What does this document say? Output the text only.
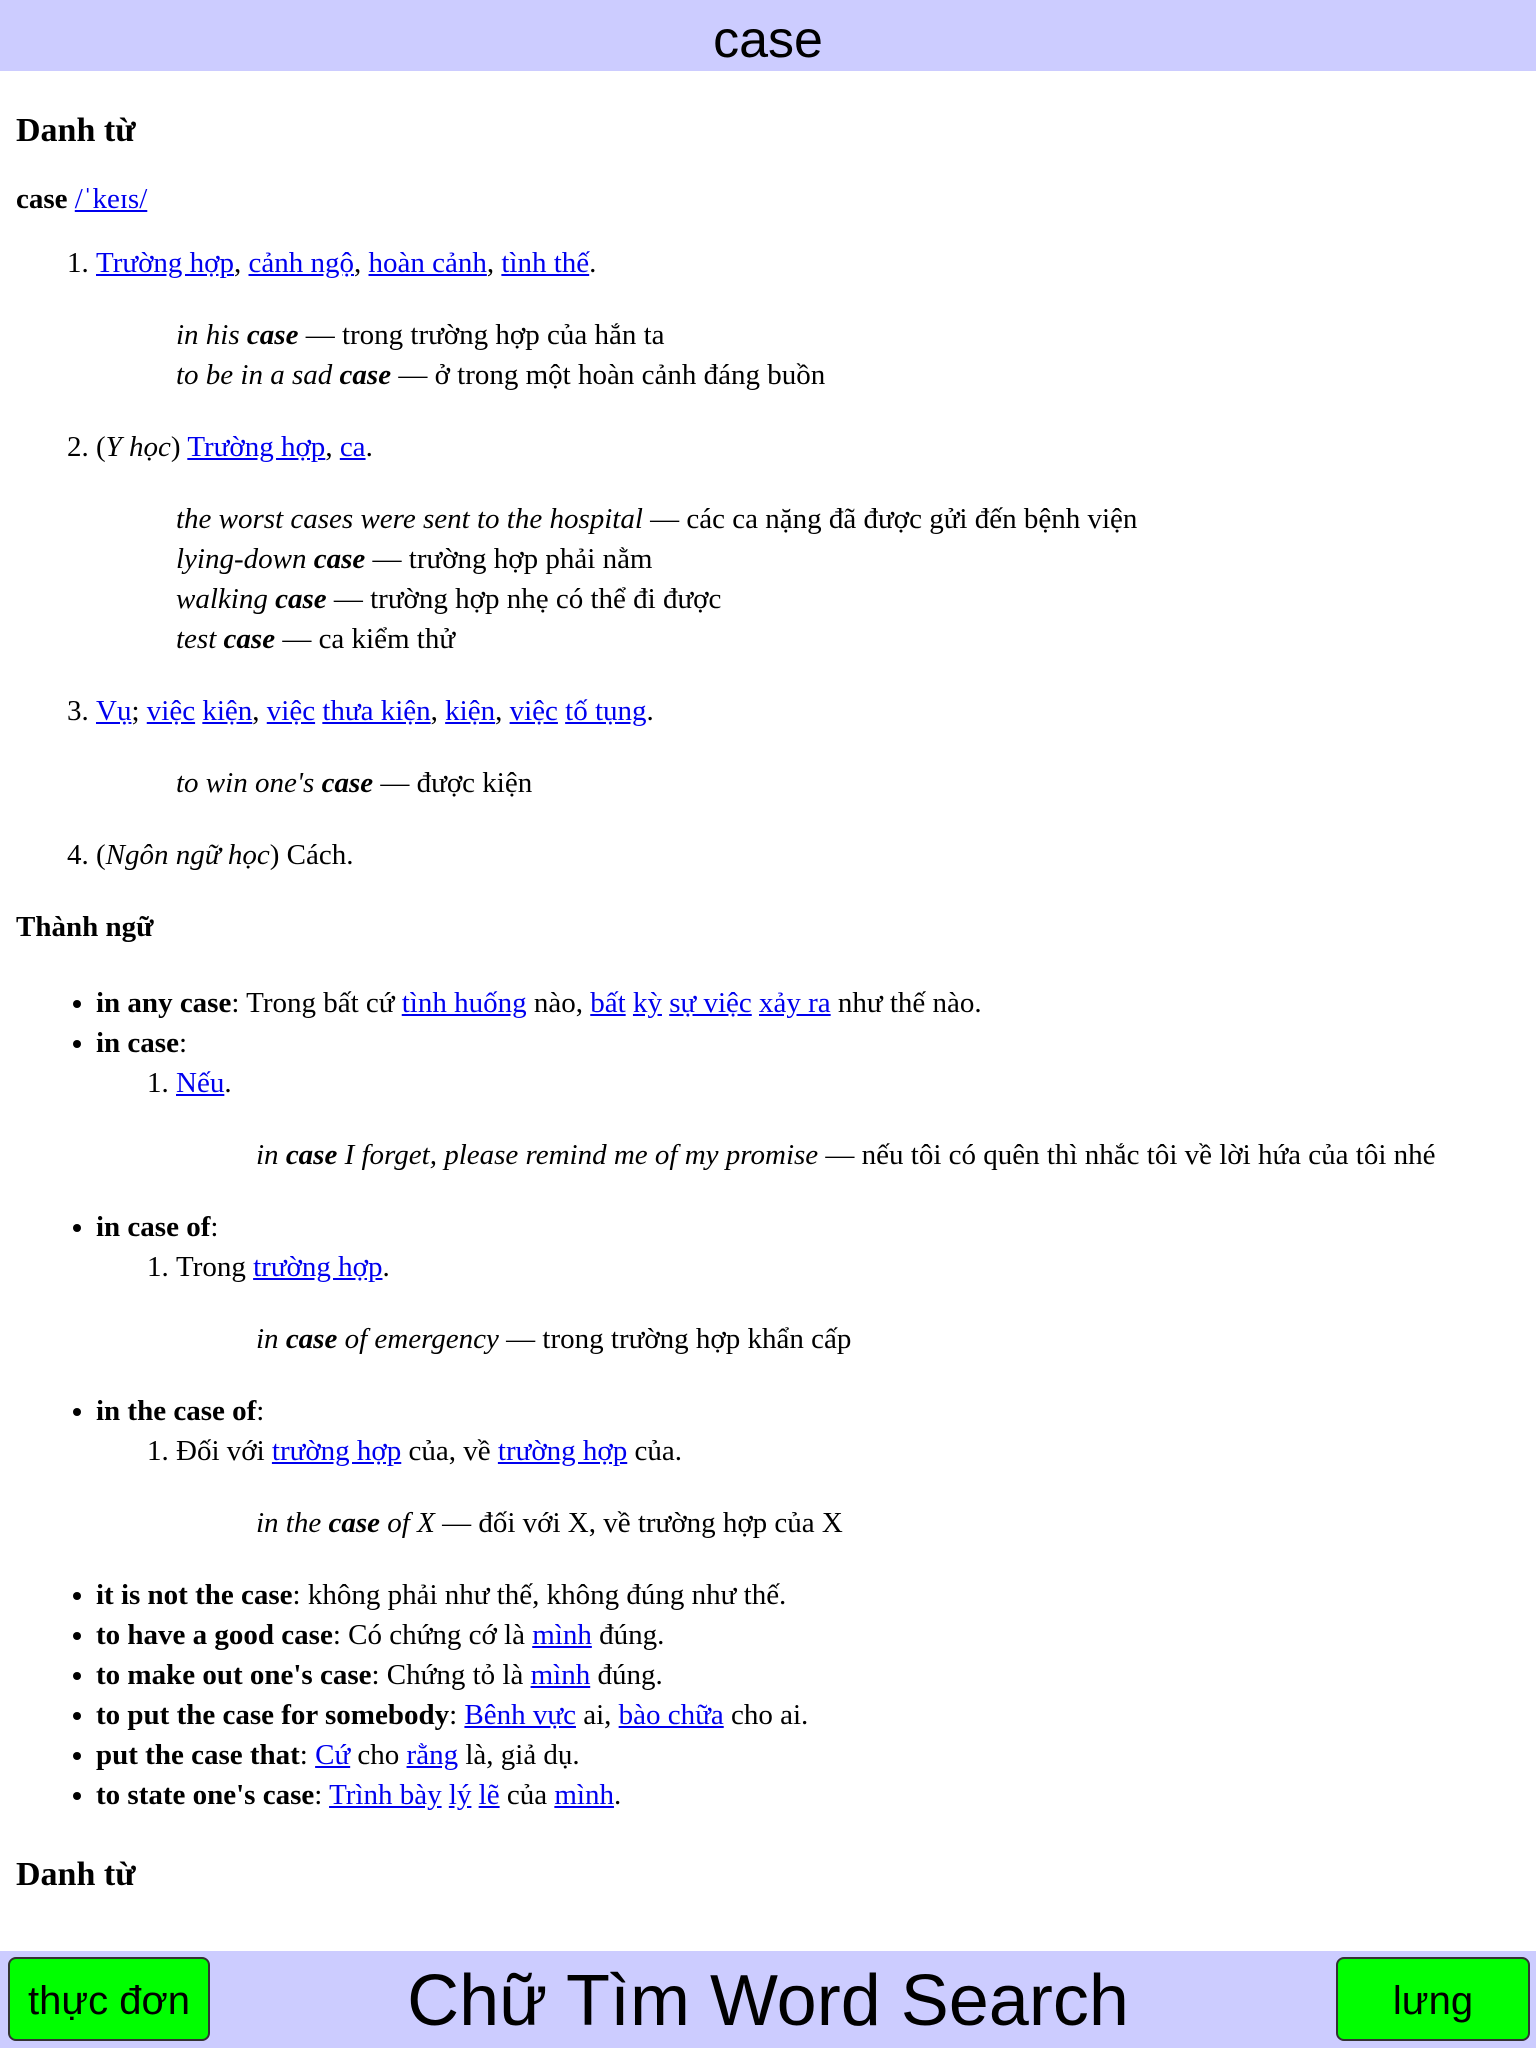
case
Danh từ
case /ˈkeɪs/
1. Trường hợp, cảnh ngộ, hoàn cảnh, tình thế.
in his case — trong trường hợp của hắn ta
to be in a sad case — ở trong một hoàn cảnh đáng buồn
2. (Y học) Trường hợp, ca.
the worst cases were sent to the hospital — các ca nặng đã được gửi đến bệnh viện
lying-down case — trường hợp phải nằm
walking case — trường hợp nhẹ có thể đi được
test case — ca kiểm thử
3. Vụ; việc kiện, việc thưa kiện, kiện, việc tố tụng.
to win one's case — được kiện
4. (Ngôn ngữ học) Cách.
Thành ngữ
• in any case: Trong bất cứ tình huống nào, bất kỳ sự việc xảy ra như thế nào.
• in case:
1. Nếu.
in case I forget, please remind me of my promise — nếu tôi có quên thì nhắc tôi về lời hứa của tôi nhé
• in case of:
1. Trong trường hợp.
in case of emergency — trong trường hợp khẩn cấp
• in the case of:
1. Đối với trường hợp của, về trường hợp của.
in the case of X — đối với X, về trường hợp của X
• it is not the case: không phải như thế, không đúng như thế.
• to have a good case: Có chứng cớ là mình đúng.
• to make out one's case: Chứng tỏ là mình đúng.
• to put the case for somebody: Bênh vực ai, bào chữa cho ai.
• put the case that: Cứ cho rằng là, giả dụ.
• to state one's case: Trình bày lý lẽ của mình.
Danh từ
Chữ Tìm Word Search
thực đơn	lưng
